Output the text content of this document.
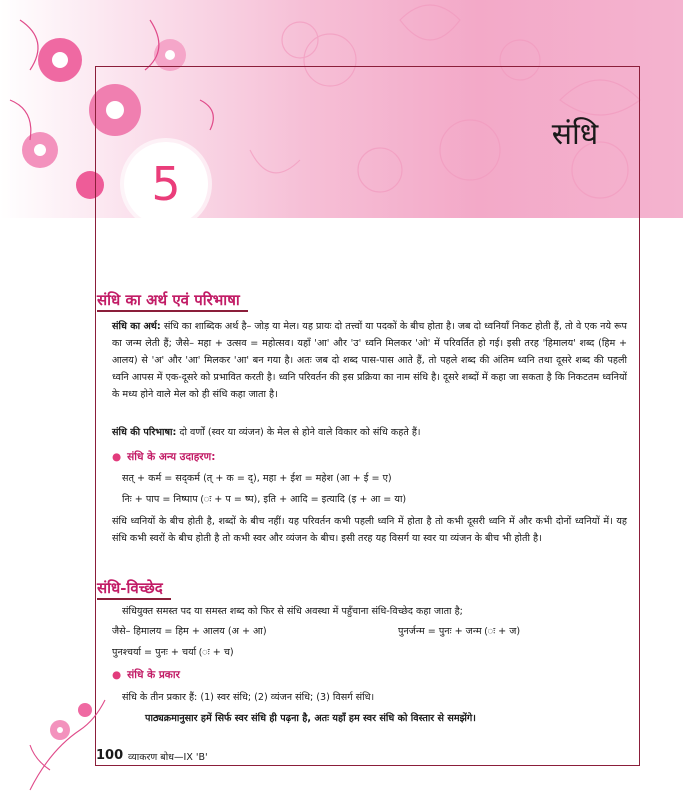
5
संधि
संधि का अर्थ एवं परिभाषा
संधि का अर्थ: संधि का शाब्दिक अर्थ है– जोड़ या मेल। यह प्रायः दो तत्त्वों या पदकों के बीच होता है। जब दो ध्वनियाँ निकट होती हैं, तो वे एक नये रूप का जन्म लेती हैं; जैसे– महा + उत्सव = महोत्सव। यहाँ 'आ' और 'उ' ध्वनि मिलकर 'ओ' में परिवर्तित हो गई। इसी तरह 'हिमालय' शब्द (हिम + आलय) से 'अ' और 'आ' मिलकर 'आ' बन गया है। अतः जब दो शब्द पास-पास आते हैं, तो पहले शब्द की अंतिम ध्वनि तथा दूसरे शब्द की पहली ध्वनि आपस में एक-दूसरे को प्रभावित करती है। ध्वनि परिवर्तन की इस प्रक्रिया का नाम संधि है। दूसरे शब्दों में कहा जा सकता है कि निकटतम ध्वनियों के मध्य होने वाले मेल को ही संधि कहा जाता है।
संधि की परिभाषा: दो वर्णों (स्वर या व्यंजन) के मेल से होने वाले विकार को संधि कहते हैं।
● संधि के अन्य उदाहरण:
सत् + कर्म = सद्कर्म (त् + क = द्), महा + ईश = महेश (आ + ई = ए)
निः + पाप = निष्पाप (ः + प = ष्प), इति + आदि = इत्यादि (इ + आ = या)
संधि ध्वनियों के बीच होती है, शब्दों के बीच नहीं। यह परिवर्तन कभी पहली ध्वनि में होता है तो कभी दूसरी ध्वनि में और कभी दोनों ध्वनियों में। यह संधि कभी स्वरों के बीच होती है तो कभी स्वर और व्यंजन के बीच। इसी तरह यह विसर्ग या स्वर या व्यंजन के बीच भी होती है।
संधि-विच्छेद
संधियुक्त समस्त पद या समस्त शब्द को फिर से संधि अवस्था में पहुँचाना संधि-विच्छेद कहा जाता है;
जैसे– हिमालय = हिम + आलय (अ + आ)	पुनर्जन्म = पुनः + जन्म (ः + ज)
पुनश्चर्या = पुनः + चर्या (ः + च)
● संधि के प्रकार
संधि के तीन प्रकार हैं: (1) स्वर संधि; (2) व्यंजन संधि; (3) विसर्ग संधि।
पाठ्यक्रमानुसार हमें सिर्फ स्वर संधि ही पढ़ना है, अतः यहाँ हम स्वर संधि को विस्तार से समझेंगे।
100 व्याकरण बोध—IX 'B'
